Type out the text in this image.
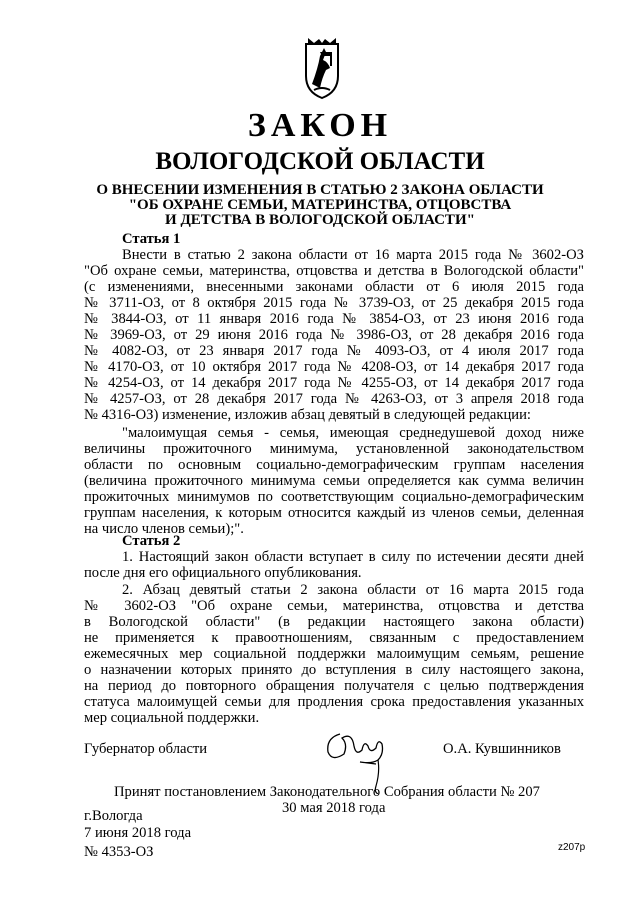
ЗАКОН
ВОЛОГОДСКОЙ ОБЛАСТИ
О ВНЕСЕНИИ ИЗМЕНЕНИЯ В СТАТЬЮ 2 ЗАКОНА ОБЛАСТИ
"ОБ ОХРАНЕ СЕМЬИ, МАТЕРИНСТВА, ОТЦОВСТВА
И ДЕТСТВА В ВОЛОГОДСКОЙ ОБЛАСТИ"
Статья 1
Внести в статью 2 закона области от 16 марта 2015 года № 3602-ОЗ
"Об охране семьи, материнства, отцовства и детства в Вологодской области"
(с изменениями, внесенными законами области от 6 июля 2015 года
№ 3711-ОЗ, от 8 октября 2015 года № 3739-ОЗ, от 25 декабря 2015 года
№ 3844-ОЗ, от 11 января 2016 года № 3854-ОЗ, от 23 июня 2016 года
№ 3969-ОЗ, от 29 июня 2016 года № 3986-ОЗ, от 28 декабря 2016 года
№ 4082-ОЗ, от 23 января 2017 года № 4093-ОЗ, от 4 июля 2017 года
№ 4170-ОЗ, от 10 октября 2017 года № 4208-ОЗ, от 14 декабря 2017 года
№ 4254-ОЗ, от 14 декабря 2017 года № 4255-ОЗ, от 14 декабря 2017 года
№ 4257-ОЗ, от 28 декабря 2017 года № 4263-ОЗ, от 3 апреля 2018 года
№ 4316-ОЗ) изменение, изложив абзац девятый в следующей редакции:
"малоимущая семья - семья, имеющая среднедушевой доход ниже
величины прожиточного минимума, установленной законодательством
области по основным социально-демографическим группам населения
(величина прожиточного минимума семьи определяется как сумма величин
прожиточных минимумов по соответствующим социально-демографическим
группам населения, к которым относится каждый из членов семьи, деленная
на число членов семьи);".
Статья 2
1. Настоящий закон области вступает в силу по истечении десяти дней
после дня его официального опубликования.
2. Абзац девятый статьи 2 закона области от 16 марта 2015 года
№ 3602-ОЗ "Об охране семьи, материнства, отцовства и детства
в Вологодской области" (в редакции настоящего закона области)
не применяется к правоотношениям, связанным с предоставлением
ежемесячных мер социальной поддержки малоимущим семьям, решение
о назначении которых принято до вступления в силу настоящего закона,
на период до повторного обращения получателя с целью подтверждения
статуса малоимущей семьи для продления срока предоставления указанных
мер социальной поддержки.
Губернатор области	О.А. Кувшинников
Принят постановлением Законодательного Собрания области № 207
30 мая 2018 года
г.Вологда
7 июня 2018 года
№ 4353-ОЗ	z207p
